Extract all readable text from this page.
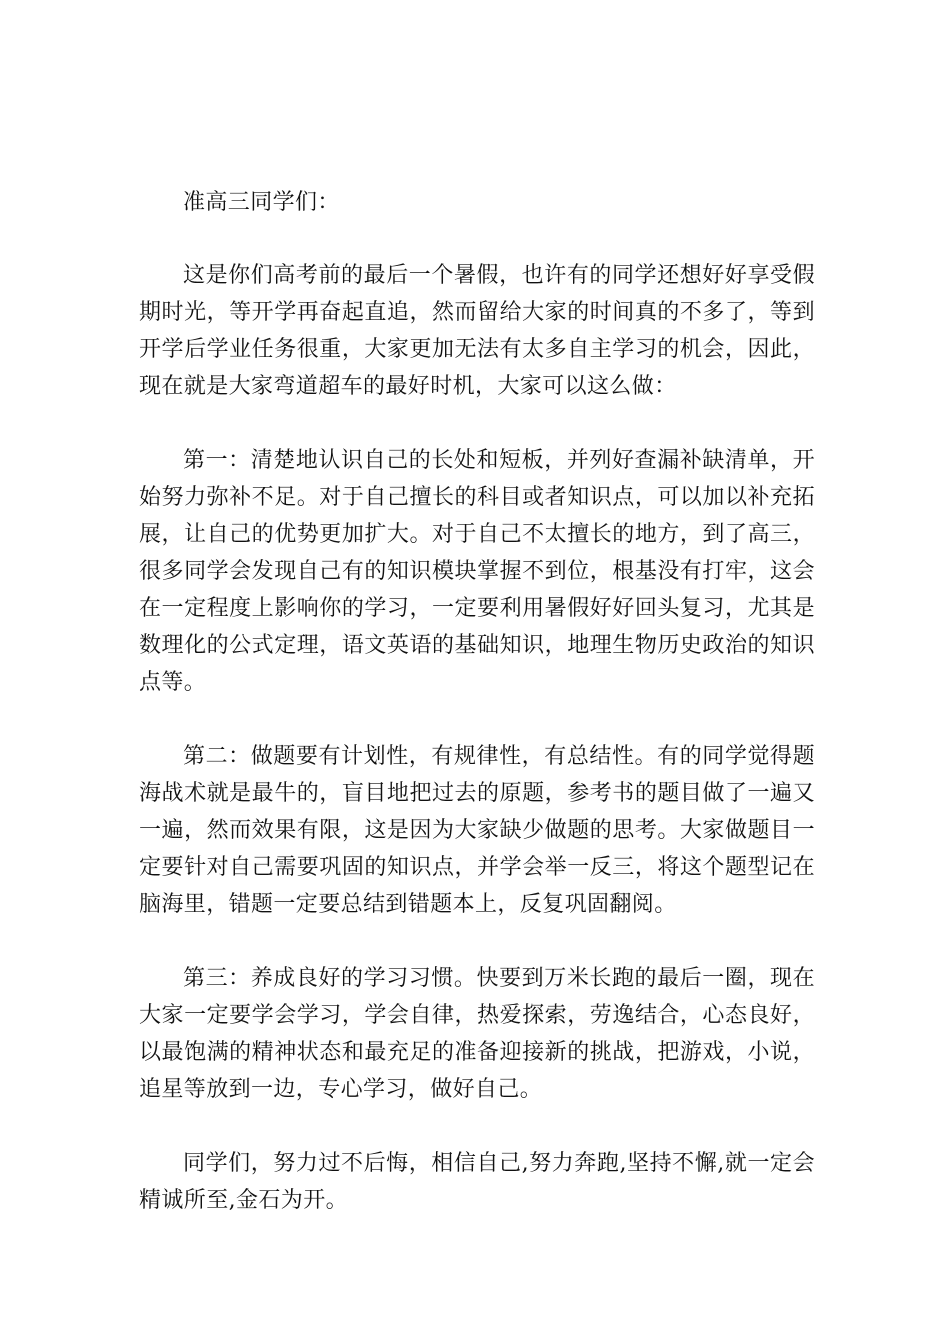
准高三同学们：

这是你们高考前的最后一个暑假，也许有的同学还想好好享受假期时光，等开学再奋起直追，然而留给大家的时间真的不多了，等到开学后学业任务很重，大家更加无法有太多自主学习的机会，因此，现在就是大家弯道超车的最好时机，大家可以这么做：

第一：清楚地认识自己的长处和短板，并列好查漏补缺清单，开始努力弥补不足。对于自己擅长的科目或者知识点，可以加以补充拓展，让自己的优势更加扩大。对于自己不太擅长的地方，到了高三，很多同学会发现自己有的知识模块掌握不到位，根基没有打牢，这会在一定程度上影响你的学习，一定要利用暑假好好回头复习，尤其是数理化的公式定理，语文英语的基础知识，地理生物历史政治的知识点等。

第二：做题要有计划性，有规律性，有总结性。有的同学觉得题海战术就是最牛的，盲目地把过去的原题，参考书的题目做了一遍又一遍，然而效果有限，这是因为大家缺少做题的思考。大家做题目一定要针对自己需要巩固的知识点，并学会举一反三，将这个题型记在脑海里，错题一定要总结到错题本上，反复巩固翻阅。

第三：养成良好的学习习惯。快要到万米长跑的最后一圈，现在大家一定要学会学习，学会自律，热爱探索，劳逸结合，心态良好，以最饱满的精神状态和最充足的准备迎接新的挑战，把游戏，小说，追星等放到一边，专心学习，做好自己。

同学们，努力过不后悔，相信自己,努力奔跑,坚持不懈,就一定会精诚所至,金石为开。
